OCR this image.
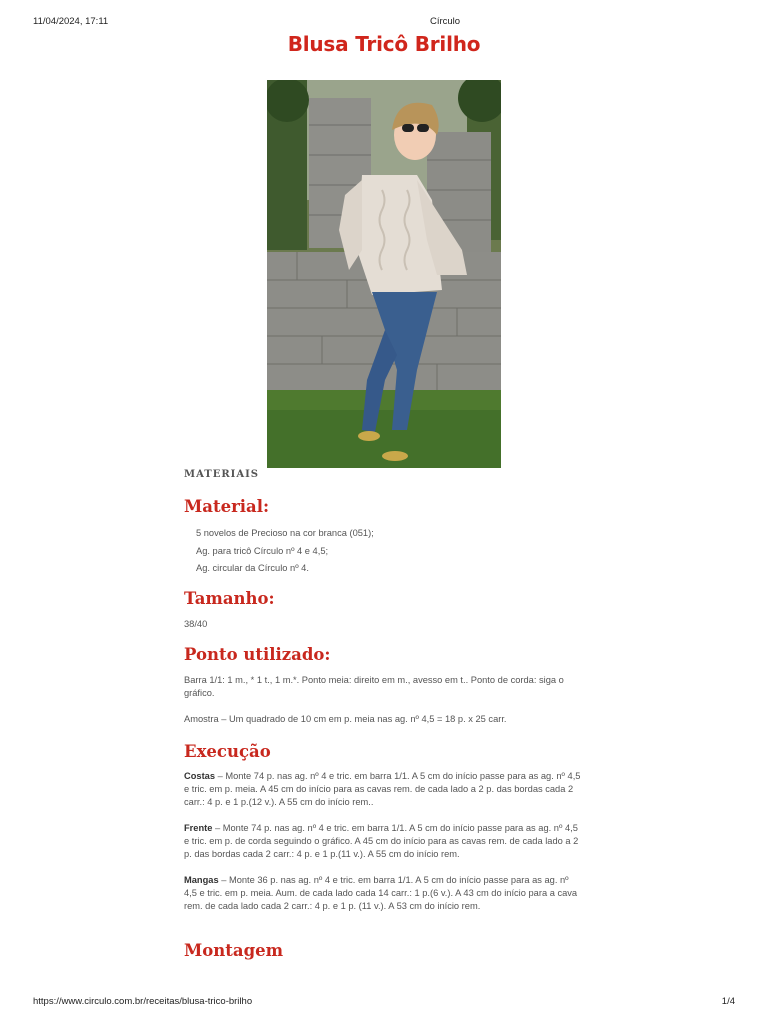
11/04/2024, 17:11	Círculo
Blusa Tricô Brilho
MATERIAIS
Material:
5 novelos de Precioso na cor branca (051);
Ag. para tricô Círculo nº 4 e 4,5;
Ag. circular da Círculo nº 4.
Tamanho:

38/40

Ponto utilizado:

Barra 1/1: 1 m., * 1 t., 1 m.*. Ponto meia: direito em m., avesso em t.. Ponto de corda: siga o gráfico.

Amostra – Um quadrado de 10 cm em p. meia nas ag. nº 4,5 = 18 p. x 25 carr.

Execução

Costas – Monte 74 p. nas ag. nº 4 e tric. em barra 1/1. A 5 cm do início passe para as ag. nº 4,5 e tric. em p. meia. A 45 cm do início para as cavas rem. de cada lado a 2 p. das bordas cada 2 carr.: 4 p. e 1 p.(12 v.). A 55 cm do início rem..

Frente – Monte 74 p. nas ag. nº 4 e tric. em barra 1/1. A 5 cm do início passe para as ag. nº 4,5 e tric. em p. de corda seguindo o gráfico. A 45 cm do início para as cavas rem. de cada lado a 2 p. das bordas cada 2 carr.: 4 p. e 1 p.(11 v.). A 55 cm do início rem.

Mangas – Monte 36 p. nas ag. nº 4 e tric. em barra 1/1. A 5 cm do início passe para as ag. nº 4,5 e tric. em p. meia. Aum. de cada lado cada 14 carr.: 1 p.(6 v.). A 43 cm do início para a cava rem. de cada lado cada 2 carr.: 4 p. e 1 p. (11 v.). A 53 cm do início rem.

Montagem
https://www.circulo.com.br/receitas/blusa-trico-brilho	1/4
